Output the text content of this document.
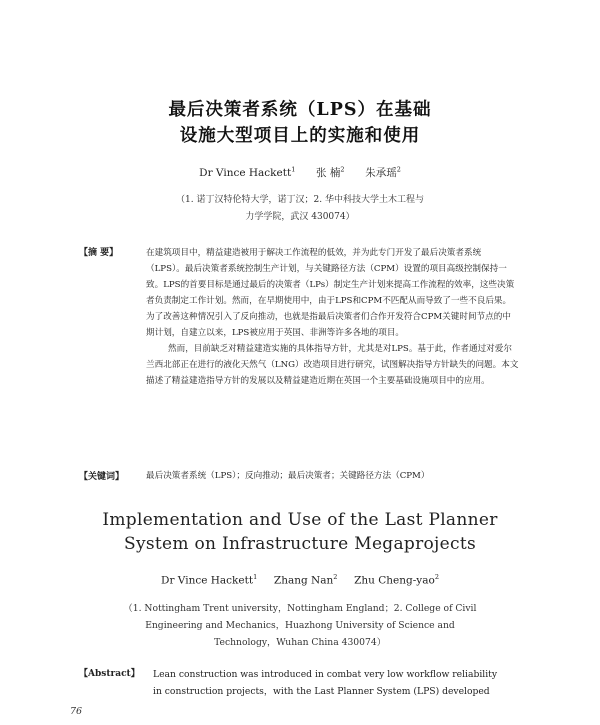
最后决策者系统（LPS）在基础
设施大型项目上的实施和使用
Dr Vince Hackett$^1$ 张 楠$^2$ 朱承瑶$^2$
（1. 诺丁汉特伦特大学，诺丁汉；2. 华中科技大学土木工程与
力学学院，武汉 430074）
【摘 要】	在建筑项目中，精益建造被用于解决工作流程的低效，并为此专门开发了最后决策者系统（LPS）。最后决策者系统控制生产计划，与关键路径方法（CPM）设置的项目高级控制保持一致。LPS的首要目标是通过最后的决策者（LPs）制定生产计划来提高工作流程的效率，这些决策者负责制定工作计划。然而，在早期使用中，由于LPS和CPM不匹配从而导致了一些不良后果。为了改善这种情况引入了反向推动，也就是指最后决策者们合作开发符合CPM关键时间节点的中期计划，自建立以来，LPS被应用于英国、非洲等许多各地的项目。

然而，目前缺乏对精益建造实施的具体指导方针，尤其是对LPS。基于此，作者通过对爱尔兰西北部正在进行的液化天然气（LNG）改造项目进行研究，试图解决指导方针缺失的问题。本文描述了精益建造指导方针的发展以及精益建造近期在英国一个主要基础设施项目中的应用。

【关键词】	最后决策者系统（LPS）；反向推动；最后决策者；关键路径方法（CPM）
Implementation and Use of the Last Planner
System on Infrastructure Megaprojects
Dr Vince Hackett$^1$ Zhang Nan$^2$ Zhu Cheng-yao$^2$
（1. Nottingham Trent university，Nottingham England；2. College of Civil
Engineering and Mechanics，Huazhong University of Science and
Technology，Wuhan China 430074）
【Abstract】 Lean construction was introduced in combat very low workflow reliability
in construction projects，with the Last Planner System (LPS) developed
76
